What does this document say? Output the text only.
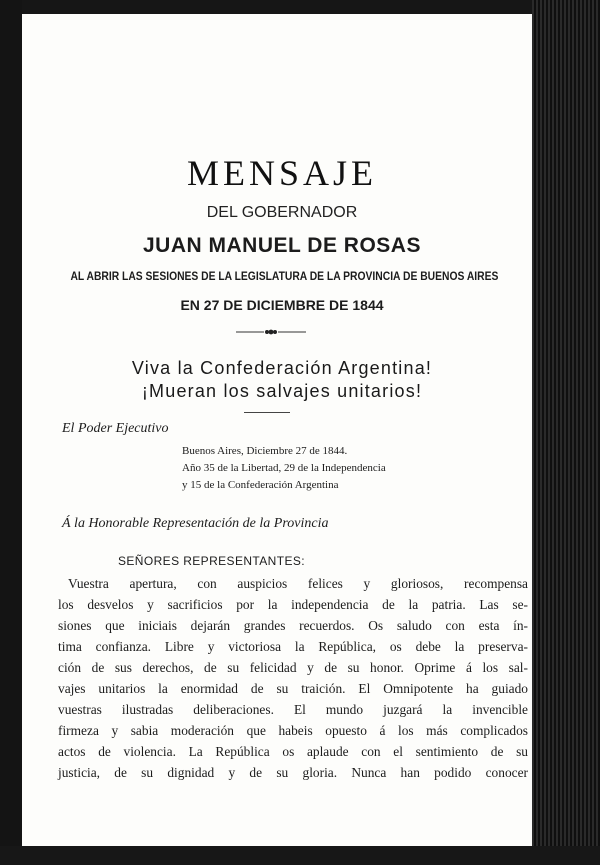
MENSAJE
DEL GOBERNADOR
JUAN MANUEL DE ROSAS
AL ABRIR LAS SESIONES DE LA LEGISLATURA DE LA PROVINCIA DE BUENOS AIRES
EN 27 DE DICIEMBRE DE 1844
Viva la Confederación Argentina!
¡Mueran los salvajes unitarios!
El Poder Ejecutivo
Buenos Aires, Diciembre 27 de 1844.
Año 35 de la Libertad, 29 de la Independencia
y 15 de la Confederación Argentina
Á la Honorable Representación de la Provincia
SEÑORES REPRESENTANTES:
Vuestra apertura, con auspicios felices y gloriosos, recompensa
los desvelos y sacrificios por la independencia de la patria. Las se-
siones que iniciais dejarán grandes recuerdos. Os saludo con esta ín-
tima confianza. Libre y victoriosa la República, os debe la preserva-
ción de sus derechos, de su felicidad y de su honor. Oprime á los sal-
vajes unitarios la enormidad de su traición. El Omnipotente ha guiado
vuestras ilustradas deliberaciones. El mundo juzgará la invencible
firmeza y sabia moderación que habeis opuesto á los más complicados
actos de violencia. La República os aplaude con el sentimiento de su
justicia, de su dignidad y de su gloria. Nunca han podido conocer
